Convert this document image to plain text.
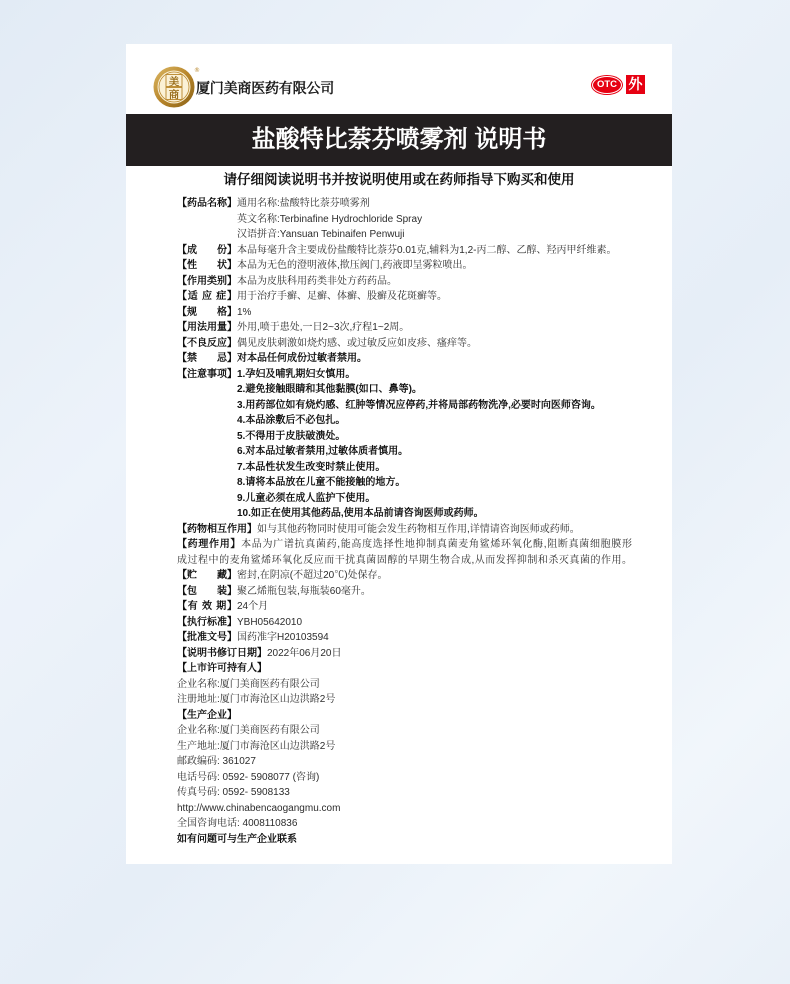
美
商
®
厦门美商医药有限公司	OTC 外
盐酸特比萘芬喷雾剂 说明书
请仔细阅读说明书并按说明使用或在药师指导下购买和使用
【药品名称】通用名称:盐酸特比萘芬喷雾剂
英文名称:Terbinafine Hydrochloride Spray
汉语拼音:Yansuan Tebinaifen Penwuji
【成　　份】本品每毫升含主要成份盐酸特比萘芬0.01克,辅料为1,2-丙二醇、乙醇、羟丙甲纤维素。
【性　　状】本品为无色的澄明液体,揿压阀门,药液即呈雾粒喷出。
【作用类别】本品为皮肤科用药类非处方药药品。
【适 应 症】用于治疗手癣、足癣、体癣、股癣及花斑癣等。
【规　　格】1%
【用法用量】外用,喷于患处,一日2~3次,疗程1~2周。
【不良反应】偶见皮肤刺激如烧灼感、或过敏反应如皮疹、瘙痒等。
【禁　　忌】对本品任何成份过敏者禁用。
【注意事项】1.孕妇及哺乳期妇女慎用。
2.避免接触眼睛和其他黏膜(如口、鼻等)。
3.用药部位如有烧灼感、红肿等情况应停药,并将局部药物洗净,必要时向医师咨询。
4.本品涂敷后不必包扎。
5.不得用于皮肤破溃处。
6.对本品过敏者禁用,过敏体质者慎用。
7.本品性状发生改变时禁止使用。
8.请将本品放在儿童不能接触的地方。
9.儿童必须在成人监护下使用。
10.如正在使用其他药品,使用本品前请咨询医师或药师。
【药物相互作用】如与其他药物同时使用可能会发生药物相互作用,详情请咨询医师或药师。
【药理作用】本品为广谱抗真菌药,能高度选择性地抑制真菌麦角鲨烯环氧化酶,阻断真菌细胞膜形
成过程中的麦角鲨烯环氧化反应而干扰真菌固醇的早期生物合成,从而发挥抑制和杀灭真菌的作用。
【贮　　藏】密封,在阴凉(不超过20℃)处保存。
【包　　装】聚乙烯瓶包装,每瓶装60毫升。
【有 效 期】24个月
【执行标准】YBH05642010
【批准文号】国药准字H20103594
【说明书修订日期】2022年06月20日
【上市许可持有人】
企业名称:厦门美商医药有限公司
注册地址:厦门市海沧区山边洪路2号
【生产企业】
企业名称:厦门美商医药有限公司
生产地址:厦门市海沧区山边洪路2号
邮政编码: 361027
电话号码: 0592- 5908077 (咨询)
传真号码: 0592- 5908133
http://www.chinabencaogangmu.com
全国咨询电话: 4008110836
如有问题可与生产企业联系
